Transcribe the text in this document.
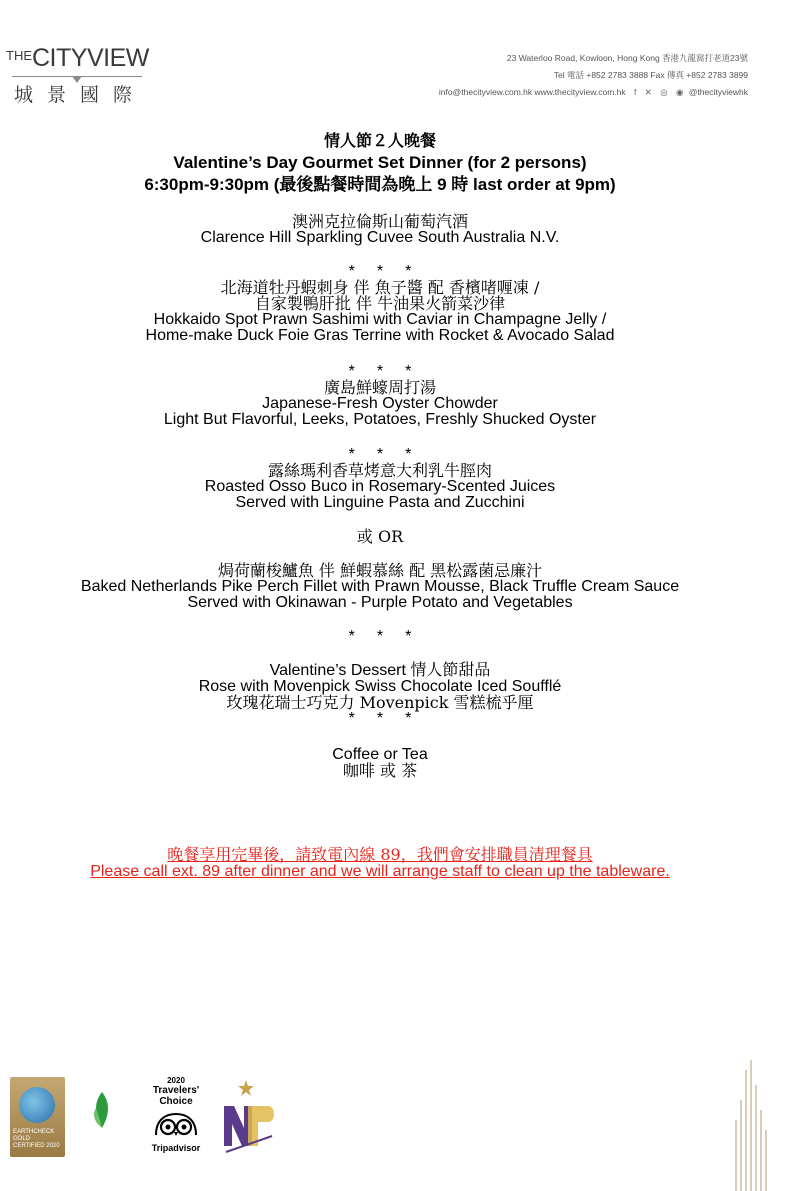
$^{THE}$CITYVIEW
城景國際
23 Waterloo Road, Kowloon, Hong Kong 香港九龍窩打老道23號
Tel 電話 +852 2783 3888 Fax 傳真 +852 2783 3899
info@thecityview.com.hk www.thecityview.com.hk f ✕ ◎ ◉ @thecityviewhk
情人節２人晚餐
Valentine’s Day Gourmet Set Dinner (for 2 persons)
6:30pm-9:30pm (最後點餐時間為晚上 9 時 last order at 9pm)
澳洲克拉倫斯山葡萄汽酒
Clarence Hill Sparkling Cuvee South Australia N.V.
***
北海道牡丹蝦刺身 伴 魚子醬 配 香檳啫喱凍 /
自家製鴨肝批 伴 牛油果火箭菜沙律
Hokkaido Spot Prawn Sashimi with Caviar in Champagne Jelly /
Home-make Duck Foie Gras Terrine with Rocket & Avocado Salad
***
廣島鮮蠔周打湯
Japanese-Fresh Oyster Chowder
Light But Flavorful, Leeks, Potatoes, Freshly Shucked Oyster
***
露絲瑪利香草烤意大利乳牛脛肉
Roasted Osso Buco in Rosemary-Scented Juices
Served with Linguine Pasta and Zucchini
或 OR
焗荷蘭梭鱸魚 伴 鮮蝦慕絲 配 黑松露菌忌廉汁
Baked Netherlands Pike Perch Fillet with Prawn Mousse, Black Truffle Cream Sauce
Served with Okinawan - Purple Potato and Vegetables
***
Valentine’s Dessert 情人節甜品
Rose with Movenpick Swiss Chocolate Iced Soufflé
玫瑰花瑞士巧克力 Movenpick 雪糕梳乎厘
***
Coffee or Tea
咖啡 或 茶
晚餐享用完畢後，請致電內線 89，我們會安排職員清理餐具
Please call ext. 89 after dinner and we will arrange staff to clean up the tableware.
EARTHCHECK
GOLD CERTIFIED 2020
2020
Travelers'
Choice
Tripadvisor
